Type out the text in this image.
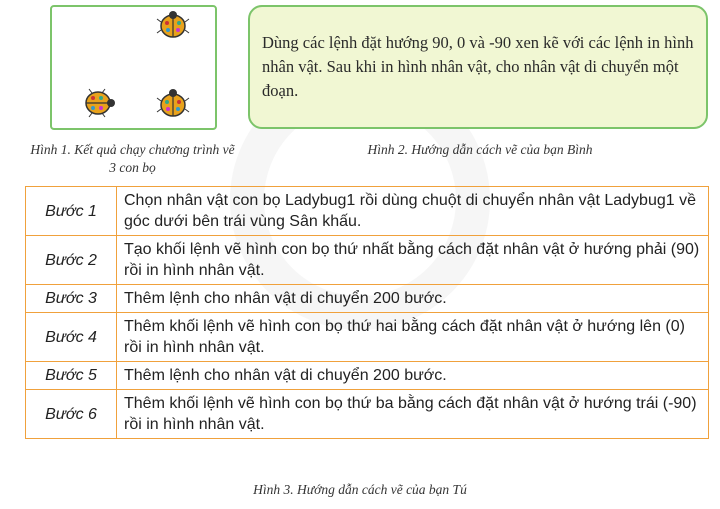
Dùng các lệnh đặt hướng 90, 0 và -90 xen kẽ với các lệnh in hình nhân vật. Sau khi in hình nhân vật, cho nhân vật di chuyển một đoạn.
Hình 1. Kết quả chạy chương trình vẽ 3 con bọ
Hình 2. Hướng dẫn cách vẽ của bạn Bình
Bước 1	Chọn nhân vật con bọ Ladybug1 rồi dùng chuột di chuyển nhân vật Ladybug1 về góc dưới bên trái vùng Sân khấu.
Bước 2	Tạo khối lệnh vẽ hình con bọ thứ nhất bằng cách đặt nhân vật ở hướng phải (90) rồi in hình nhân vật.
Bước 3	Thêm lệnh cho nhân vật di chuyển 200 bước.
Bước 4	Thêm khối lệnh vẽ hình con bọ thứ hai bằng cách đặt nhân vật ở hướng lên (0) rồi in hình nhân vật.
Bước 5	Thêm lệnh cho nhân vật di chuyển 200 bước.
Bước 6	Thêm khối lệnh vẽ hình con bọ thứ ba bằng cách đặt nhân vật ở hướng trái (-90) rồi in hình nhân vật.
Hình 3. Hướng dẫn cách vẽ của bạn Tú
